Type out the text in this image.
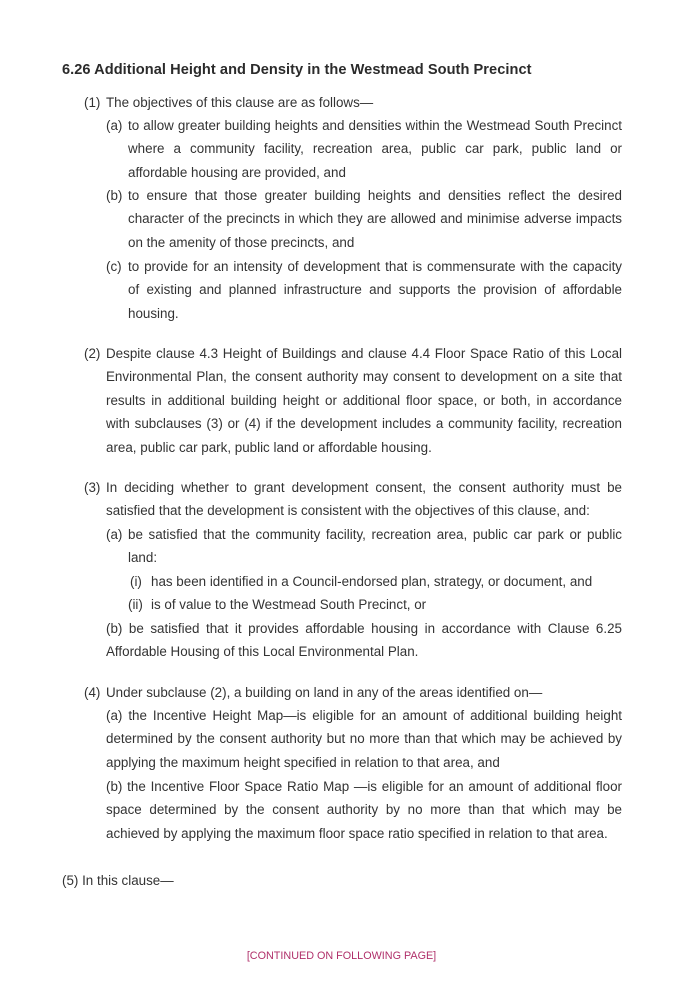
6.26 Additional Height and Density in the Westmead South Precinct
(1) The objectives of this clause are as follows—

(a) to allow greater building heights and densities within the Westmead South Precinct where a community facility, recreation area, public car park, public land or affordable housing are provided, and

(b) to ensure that those greater building heights and densities reflect the desired character of the precincts in which they are allowed and minimise adverse impacts on the amenity of those precincts, and

(c) to provide for an intensity of development that is commensurate with the capacity of existing and planned infrastructure and supports the provision of affordable housing.

(2) Despite clause 4.3 Height of Buildings and clause 4.4 Floor Space Ratio of this Local Environmental Plan, the consent authority may consent to development on a site that results in additional building height or additional floor space, or both, in accordance with subclauses (3) or (4) if the development includes a community facility, recreation area, public car park, public land or affordable housing.

(3) In deciding whether to grant development consent, the consent authority must be satisfied that the development is consistent with the objectives of this clause, and:

(a) be satisfied that the community facility, recreation area, public car park or public land:

(i) has been identified in a Council-endorsed plan, strategy, or document, and

(ii) is of value to the Westmead South Precinct, or

(b) be satisfied that it provides affordable housing in accordance with Clause 6.25 Affordable Housing of this Local Environmental Plan.

(4) Under subclause (2), a building on land in any of the areas identified on—

(a) the Incentive Height Map—is eligible for an amount of additional building height determined by the consent authority but no more than that which may be achieved by applying the maximum height specified in relation to that area, and

(b) the Incentive Floor Space Ratio Map —is eligible for an amount of additional floor space determined by the consent authority by no more than that which may be achieved by applying the maximum floor space ratio specified in relation to that area.

(5) In this clause—

[CONTINUED ON FOLLOWING PAGE]
